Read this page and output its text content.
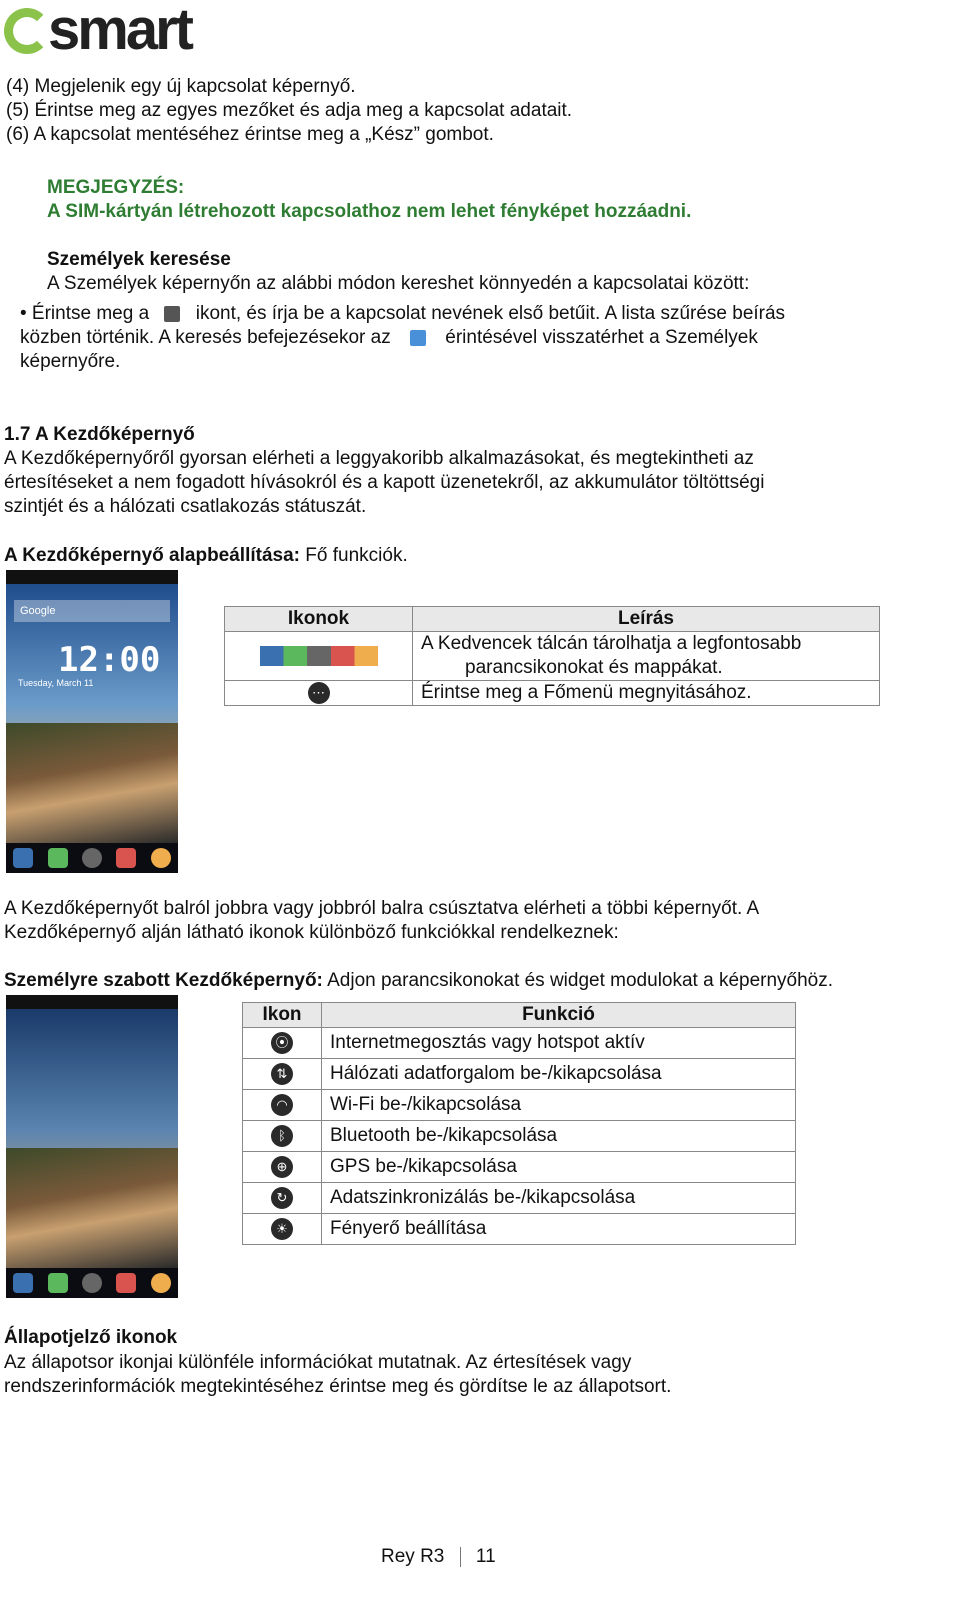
smart
(4) Megjelenik egy új kapcsolat képernyő.
(5) Érintse meg az egyes mezőket és adja meg a kapcsolat adatait.
(6) A kapcsolat mentéséhez érintse meg a „Kész” gombot.
MEGJEGYZÉS:
A SIM-kártyán létrehozott kapcsolathoz nem lehet fényképet hozzáadni.
Személyek keresése
A Személyek képernyőn az alábbi módon kereshet könnyedén a kapcsolatai között:
• Érintse meg a ikont, és írja be a kapcsolat nevének első betűit. A lista szűrése beírás
közben történik. A keresés befejezésekor az	érintésével visszatérhet a Személyek
képernyőre.
1.7 A Kezdőképernyő
A Kezdőképernyőről gyorsan elérheti a leggyakoribb alkalmazásokat, és megtekintheti az
értesítéseket a nem fogadott hívásokról és a kapott üzenetekről, az akkumulátor töltöttségi
szintjét és a hálózati csatlakozás státuszát.
A Kezdőképernyő alapbeállítása: Fő funkciók.
Google
12:00
Tuesday, March 11
Ikonok	Leírás

	A Kedvencek tálcán tárolhatja a legfontosabb
parancsikonokat és mappákat.

⋯	Érintse meg a Főmenü megnyitásához.
A Kezdőképernyőt balról jobbra vagy jobbról balra csúsztatva elérheti a többi képernyőt. A
Kezdőképernyő alján látható ikonok különböző funkciókkal rendelkeznek:
Személyre szabott Kezdőképernyő: Adjon parancsikonokat és widget modulokat a képernyőhöz.
Ikon	Funkció
⦿	Internetmegosztás vagy hotspot aktív
⇅	Hálózati adatforgalom be-/kikapcsolása
◠	Wi-Fi be-/kikapcsolása
ᛒ	Bluetooth be-/kikapcsolása
⊕	GPS be-/kikapcsolása
↻	Adatszinkronizálás be-/kikapcsolása
☀	Fényerő beállítása
Állapotjelző ikonok
Az állapotsor ikonjai különféle információkat mutatnak. Az értesítések vagy
rendszerinformációk megtekintéséhez érintse meg és gördítse le az állapotsort.
Rey R3 11
